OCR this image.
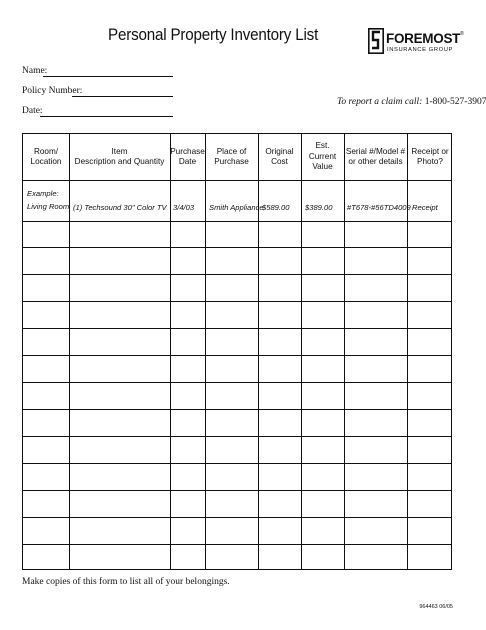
Personal Property Inventory List	FOREMOST®
INSURANCE GROUP
Name:
Policy Number:
Date:
To report a claim call: 1-800-527-3907
Room/
Location
Item
Description and Quantity
Purchase
Date
Place of
Purchase
Original
Cost
Est.
Current
Value
Serial #/Model #
or other details
Receipt or
Photo?
Example:
Living Room (1) Techsound 30" Color TV 3/4/03 Smith Appliance
$589.00 $389.00 #T678-#56TD4009 Receipt
Make copies of this form to list all of your belongings.
964463 06/05
